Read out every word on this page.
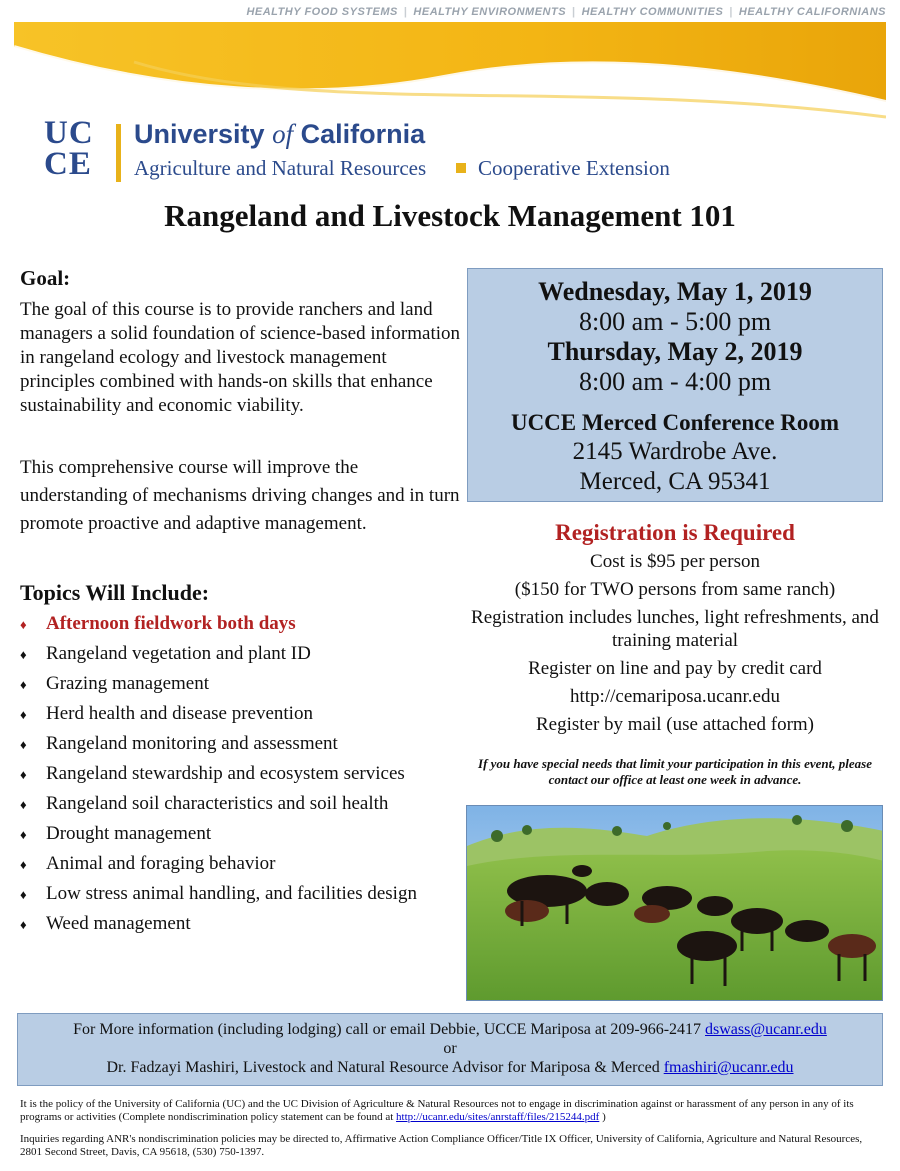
HEALTHY FOOD SYSTEMS | HEALTHY ENVIRONMENTS | HEALTHY COMMUNITIES | HEALTHY CALIFORNIANS
UC
CE
University of California
Agriculture and Natural Resources Cooperative Extension
Rangeland and Livestock Management 101
Goal:
The goal of this course is to provide ranchers and land managers a solid foundation of science-based information in rangeland ecology and livestock management principles combined with hands-on skills that enhance sustainability and economic viability.
This comprehensive course will improve the understanding of mechanisms driving changes and in turn promote proactive and adaptive management.
Topics Will Include:
♦ Afternoon fieldwork both days
♦ Rangeland vegetation and plant ID
♦ Grazing management
♦ Herd health and disease prevention
♦ Rangeland monitoring and assessment
♦ Rangeland stewardship and ecosystem services
♦ Rangeland soil characteristics and soil health
♦ Drought management
♦ Animal and foraging behavior
♦ Low stress animal handling, and facilities design
♦ Weed management
Wednesday, May 1, 2019
8:00 am - 5:00 pm
Thursday, May 2, 2019
8:00 am - 4:00 pm
UCCE Merced Conference Room
2145 Wardrobe Ave.
Merced, CA 95341
Registration is Required
Cost is $95 per person
($150 for TWO persons from same ranch)
Registration includes lunches, light refreshments, and training material
Register on line and pay by credit card
http://cemariposa.ucanr.edu
Register by mail (use attached form)
If you have special needs that limit your participation in this event, please contact our office at least one week in advance.
For More information (including lodging) call or email Debbie, UCCE Mariposa at 209-966-2417 dswass@ucanr.edu
or
Dr. Fadzayi Mashiri, Livestock and Natural Resource Advisor for Mariposa & Merced fmashiri@ucanr.edu
It is the policy of the University of California (UC) and the UC Division of Agriculture & Natural Resources not to engage in discrimination against or harassment of any person in any of its programs or activities (Complete nondiscrimination policy statement can be found at http://ucanr.edu/sites/anrstaff/files/215244.pdf )
Inquiries regarding ANR's nondiscrimination policies may be directed to, Affirmative Action Compliance Officer/Title IX Officer, University of California, Agriculture and Natural Resources, 2801 Second Street, Davis, CA 95618, (530) 750-1397.
